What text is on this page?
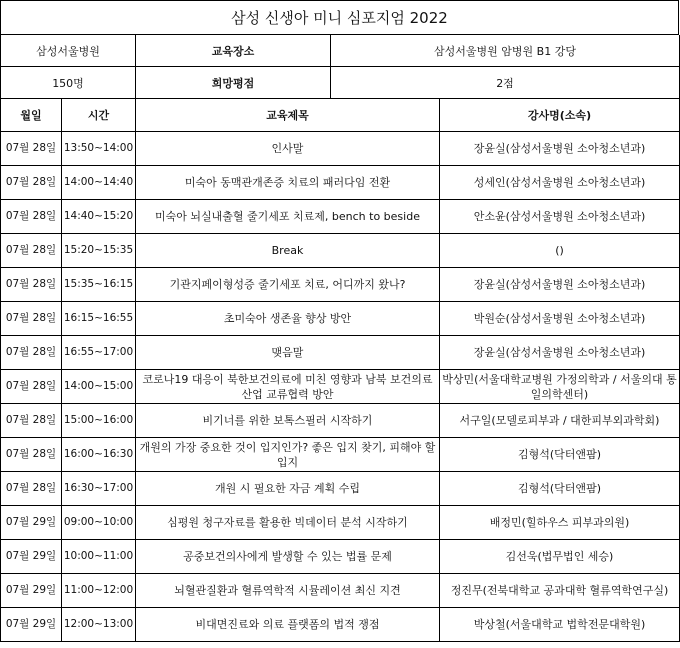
삼성 신생아 미니 심포지엄 2022
삼성서울병원	교육장소	삼성서울병원 암병원 B1 강당
150명	희망평점	2점
월일	시간	교육제목	강사명(소속)
07월 28일	13:50~14:00	인사말	장윤실(삼성서울병원 소아청소년과)
07월 28일	14:00~14:40	미숙아 동맥관개존증 치료의 패러다임 전환	성세인(삼성서울병원 소아청소년과)
07월 28일	14:40~15:20	미숙아 뇌실내출혈 줄기세포 치료제, bench to beside	안소윤(삼성서울병원 소아청소년과)
07월 28일	15:20~15:35	Break	()
07월 28일	15:35~16:15	기관지페이형성증 줄기세포 치료, 어디까지 왔나?	장윤실(삼성서울병원 소아청소년과)
07월 28일	16:15~16:55	초미숙아 생존율 향상 방안	박원순(삼성서울병원 소아청소년과)
07월 28일	16:55~17:00	맺음말	장윤실(삼성서울병원 소아청소년과)
07월 28일	14:00~15:00	코로나19 대응이 북한보건의료에 미친 영향과 남북 보건의료산업 교류협력 방안	박상민(서울대학교병원 가정의학과 / 서울의대 통일의학센터)
07월 28일	15:00~16:00	비기너를 위한 보톡스필러 시작하기	서구일(모델로피부과 / 대한피부외과학회)
07월 28일	16:00~16:30	개원의 가장 중요한 것이 입지인가? 좋은 입지 찾기, 피해야 할 입지	김형석(닥터앤팜)
07월 28일	16:30~17:00	개원 시 필요한 자금 계획 수립	김형석(닥터앤팜)
07월 29일	09:00~10:00	심평원 청구자료를 활용한 빅데이터 분석 시작하기	배정민(힐하우스 피부과의원)
07월 29일	10:00~11:00	공중보건의사에게 발생할 수 있는 법률 문제	김선욱(법무법인 세승)
07월 29일	11:00~12:00	뇌혈관질환과 혈류역학적 시뮬레이션 최신 지견	정진무(전북대학교 공과대학 혈류역학연구실)
07월 29일	12:00~13:00	비대면진료와 의료 플랫폼의 법적 쟁점	박상철(서울대학교 법학전문대학원)
